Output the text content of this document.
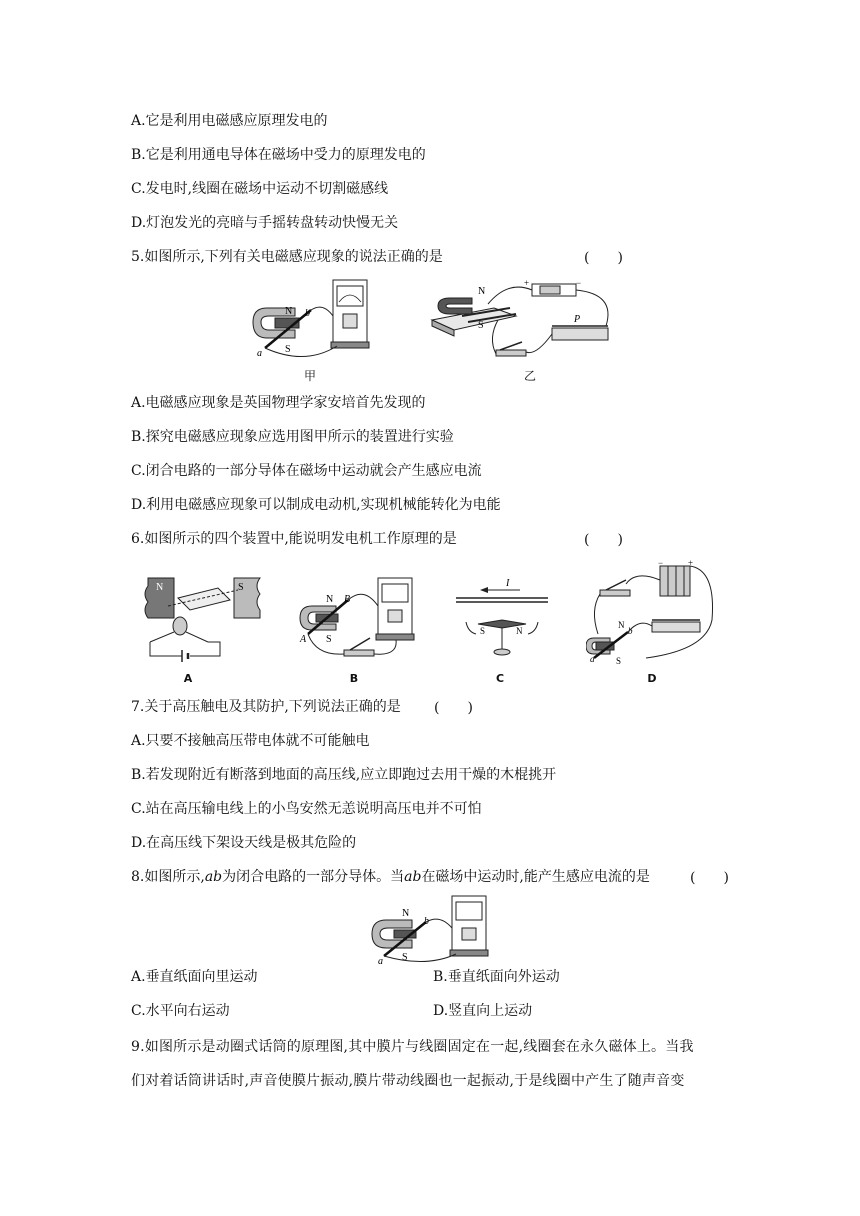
A.它是利用电磁感应原理发电的
B.它是利用通电导体在磁场中受力的原理发电的
C.发电时,线圈在磁场中运动不切割磁感线
D.灯泡发光的亮暗与手摇转盘转动快慢无关
5.如图所示,下列有关电磁感应现象的说法正确的是	(　　)
N
S
a
b
甲
N
S
+	−
P
乙
A.电磁感应现象是英国物理学家安培首先发现的
B.探究电磁感应现象应选用图甲所示的装置进行实验
C.闭合电路的一部分导体在磁场中运动就会产生感应电流
D.利用电磁感应现象可以制成电动机,实现机械能转化为电能
6.如图所示的四个装置中,能说明发电机工作原理的是	(　　)
N	S
A
N
S
A
B
B
I
S	N
C
−	+
b
N
a S
D
7.关于高压触电及其防护,下列说法正确的是 (　　)
A.只要不接触高压带电体就不可能触电
B.若发现附近有断落到地面的高压线,应立即跑过去用干燥的木棍挑开
C.站在高压输电线上的小鸟安然无恙说明高压电并不可怕
D.在高压线下架设天线是极其危险的
8.如图所示,ab为闭合电路的一部分导体。当ab在磁场中运动时,能产生感应电流的是	(　　)
N
S
a
b
A.垂直纸面向里运动	B.垂直纸面向外运动
C.水平向右运动	D.竖直向上运动
9.如图所示是动圈式话筒的原理图,其中膜片与线圈固定在一起,线圈套在永久磁体上。当我
们对着话筒讲话时,声音使膜片振动,膜片带动线圈也一起振动,于是线圈中产生了随声音变
